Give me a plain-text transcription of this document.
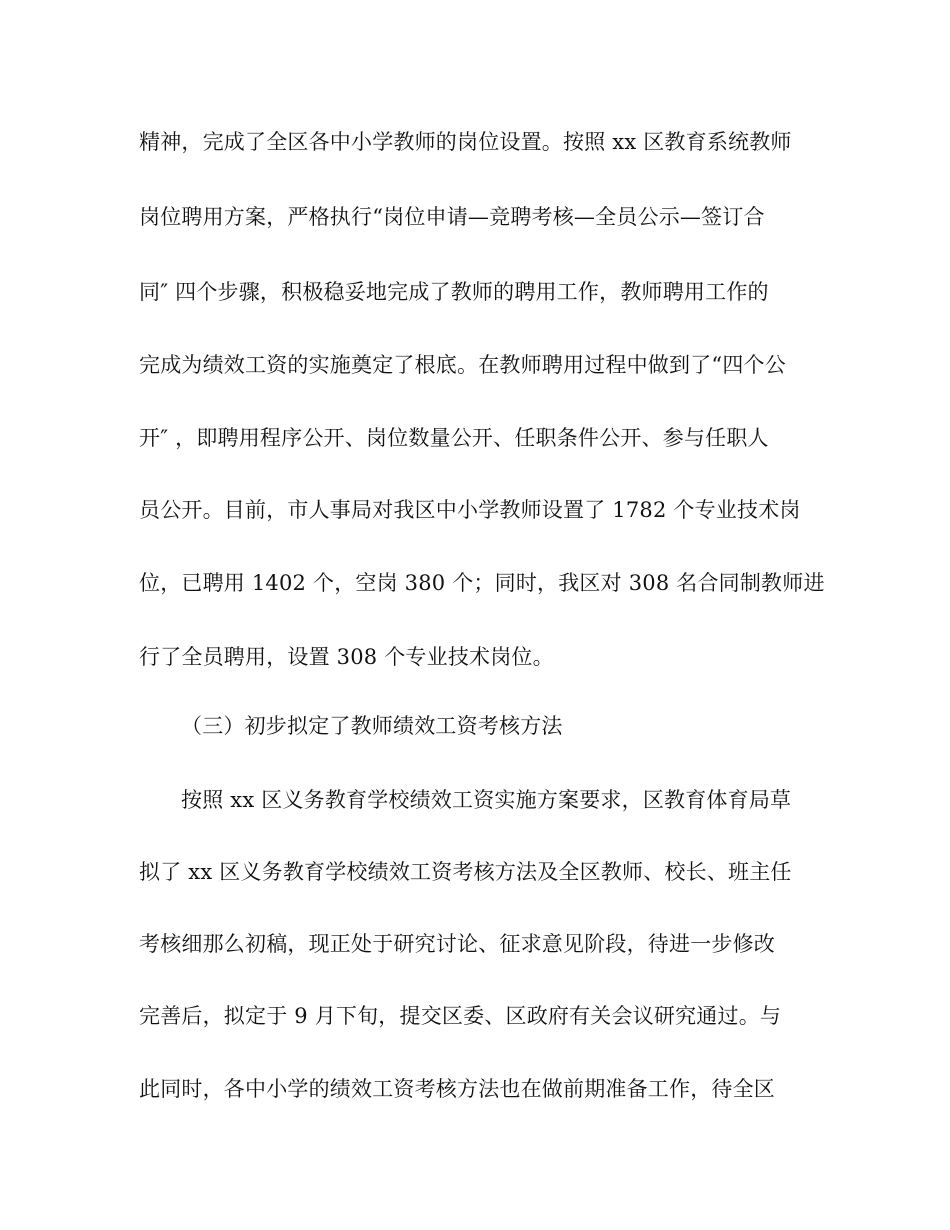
精神，完成了全区各中小学教师的岗位设置。按照 xx 区教育系统教师
岗位聘用方案，严格执行“岗位申请—竞聘考核—全员公示—签订合
同″ 四个步骤，积极稳妥地完成了教师的聘用工作，教师聘用工作的
完成为绩效工资的实施奠定了根底。在教师聘用过程中做到了“四个公
开″ ，即聘用程序公开、岗位数量公开、任职条件公开、参与任职人
员公开。目前，市人事局对我区中小学教师设置了 1782 个专业技术岗
位，已聘用 1402 个，空岗 380 个；同时，我区对 308 名合同制教师进
行了全员聘用，设置 308 个专业技术岗位。
（三）初步拟定了教师绩效工资考核方法
按照 xx 区义务教育学校绩效工资实施方案要求，区教育体育局草
拟了 xx 区义务教育学校绩效工资考核方法及全区教师、校长、班主任
考核细那么初稿，现正处于研究讨论、征求意见阶段，待进一步修改
完善后，拟定于 9 月下旬，提交区委、区政府有关会议研究通过。与
此同时，各中小学的绩效工资考核方法也在做前期准备工作，待全区
